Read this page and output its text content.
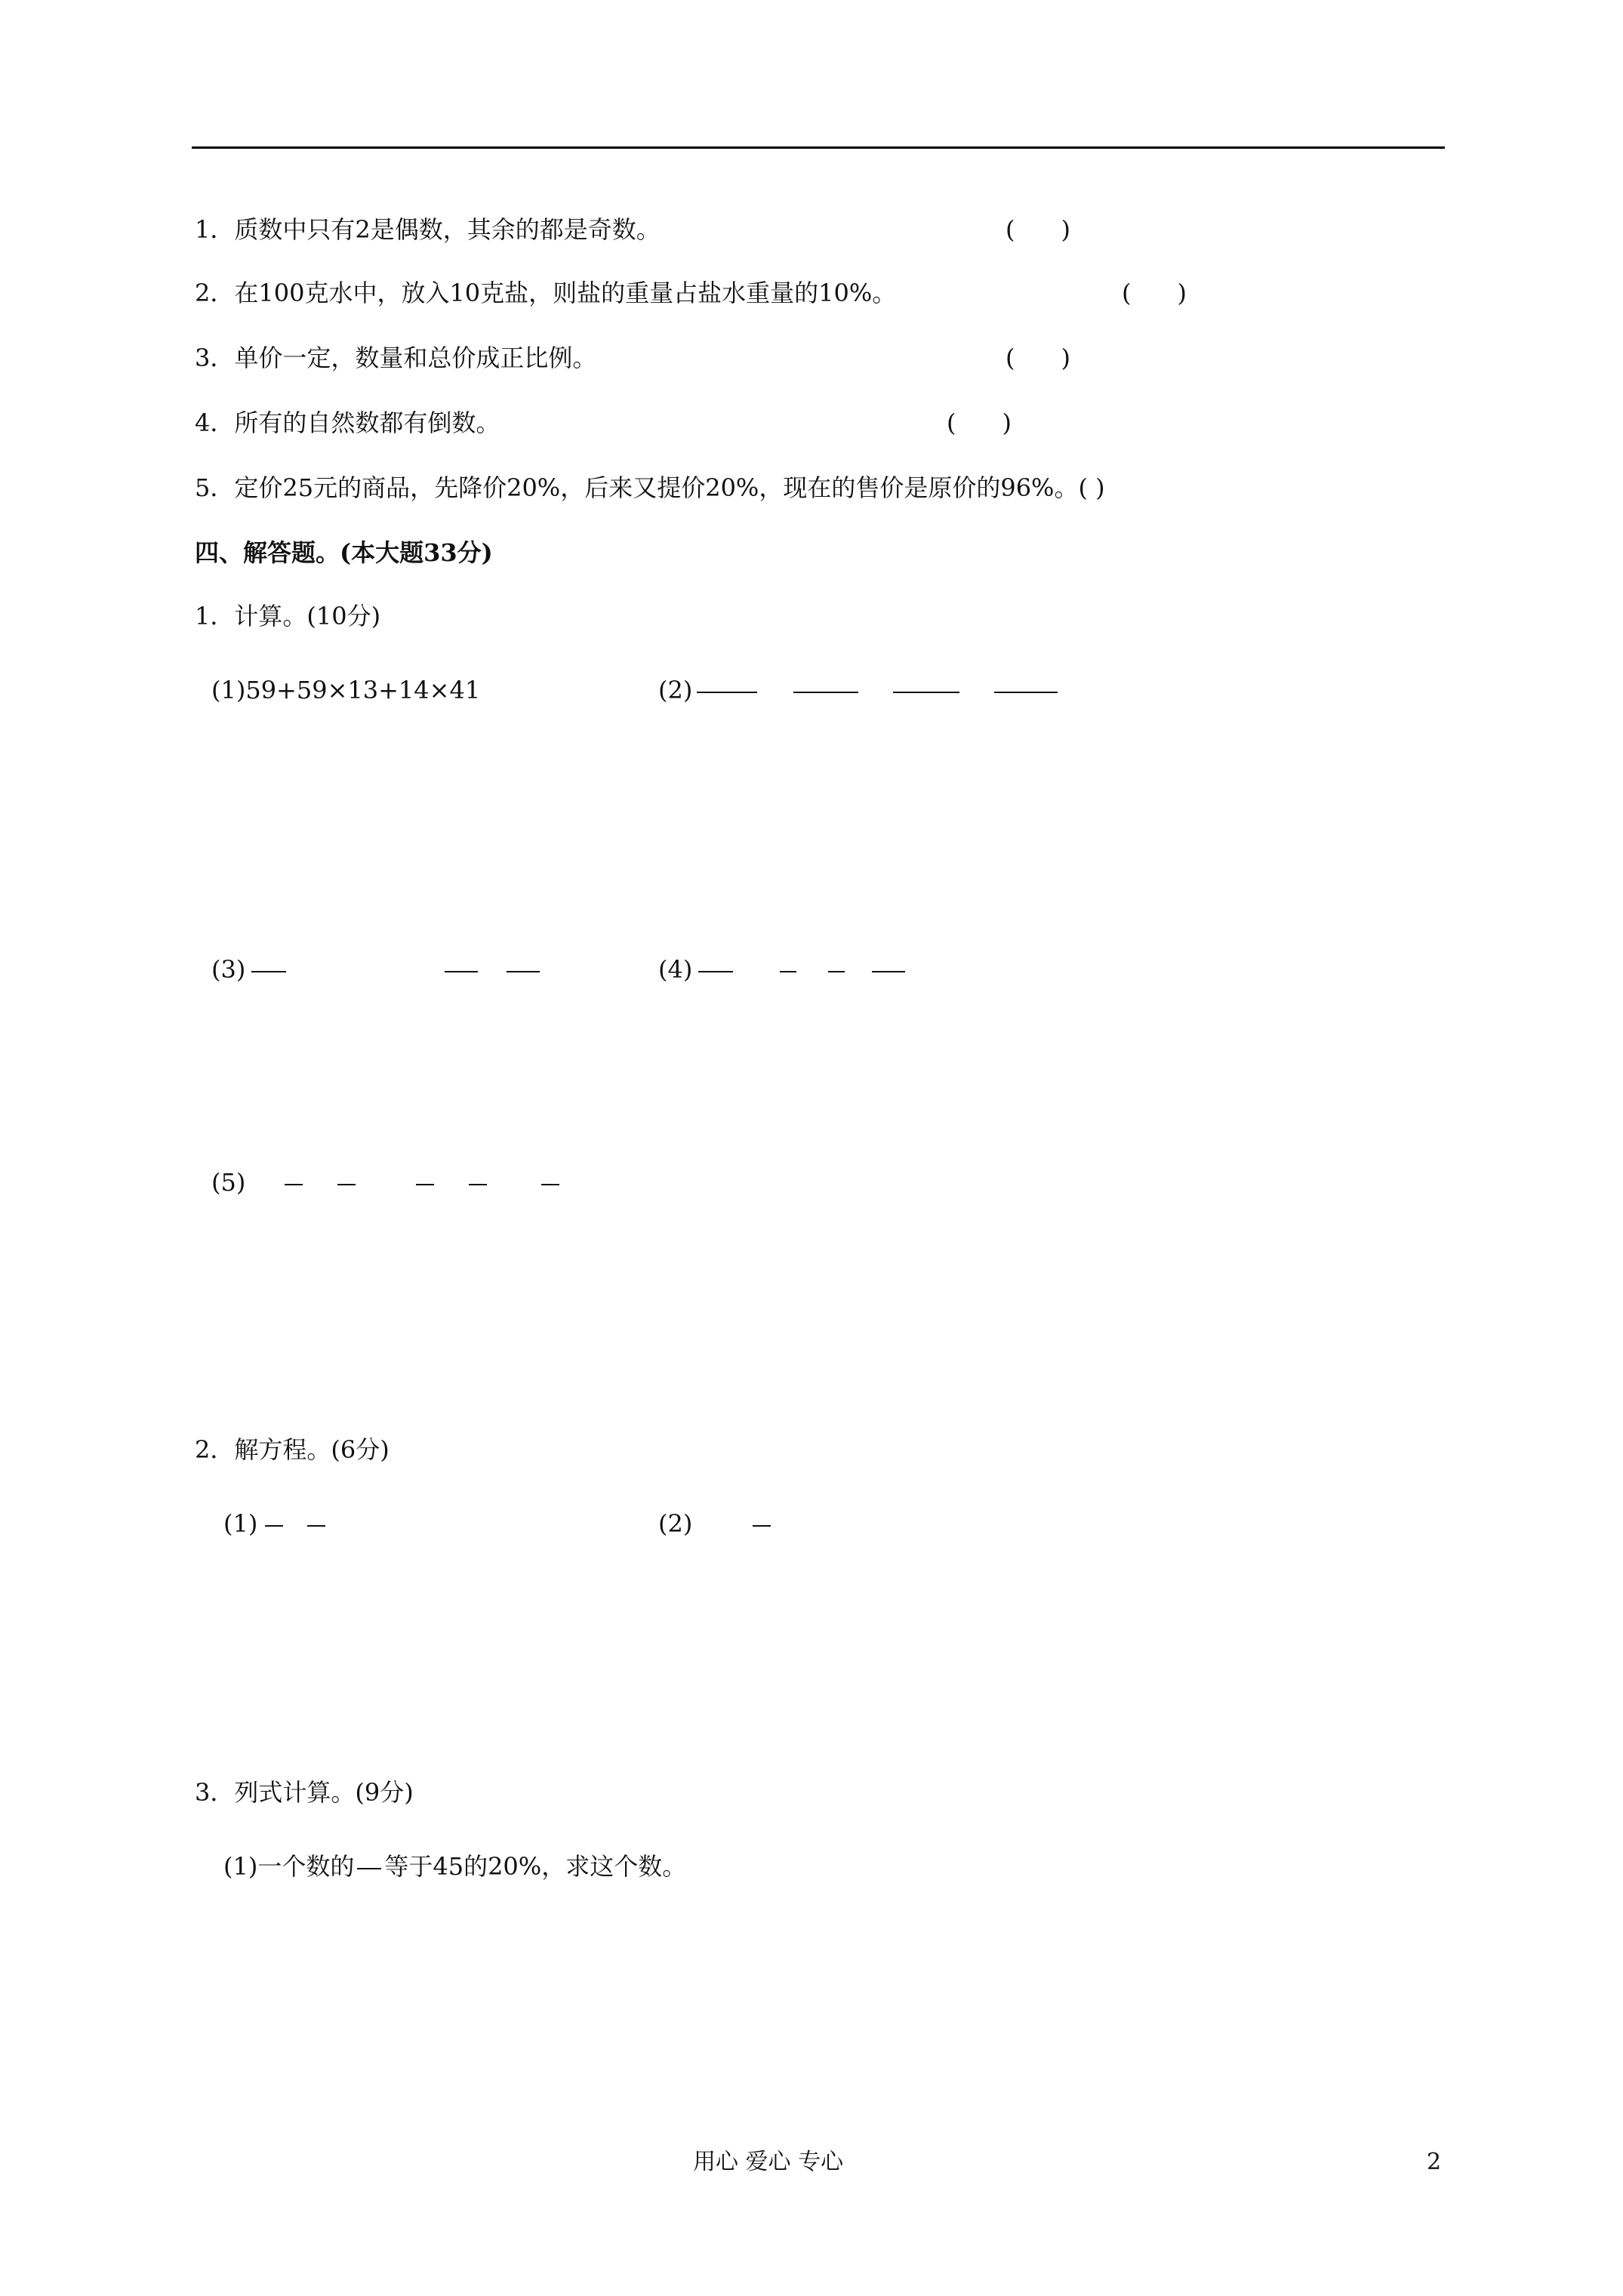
1．质数中只有2是偶数，其余的都是奇数。	(      )
2．在100克水中，放入10克盐，则盐的重量占盐水重量的10%。	(      )
3．单价一定，数量和总价成正比例。	(      )
4．所有的自然数都有倒数。	(      )
5．定价25元的商品，先降价20%，后来又提价20%，现在的售价是原价的96%。( )
四、解答题。(本大题33分)
1．计算。(10分)
(1)59+59×13+14×41	(2)
(3)	(4)
(5)
2．解方程。(6分)
(1)	(2)
3．列式计算。(9分)
(1)一个数的 等于45的20%，求这个数。
用心 爱心 专心	2
